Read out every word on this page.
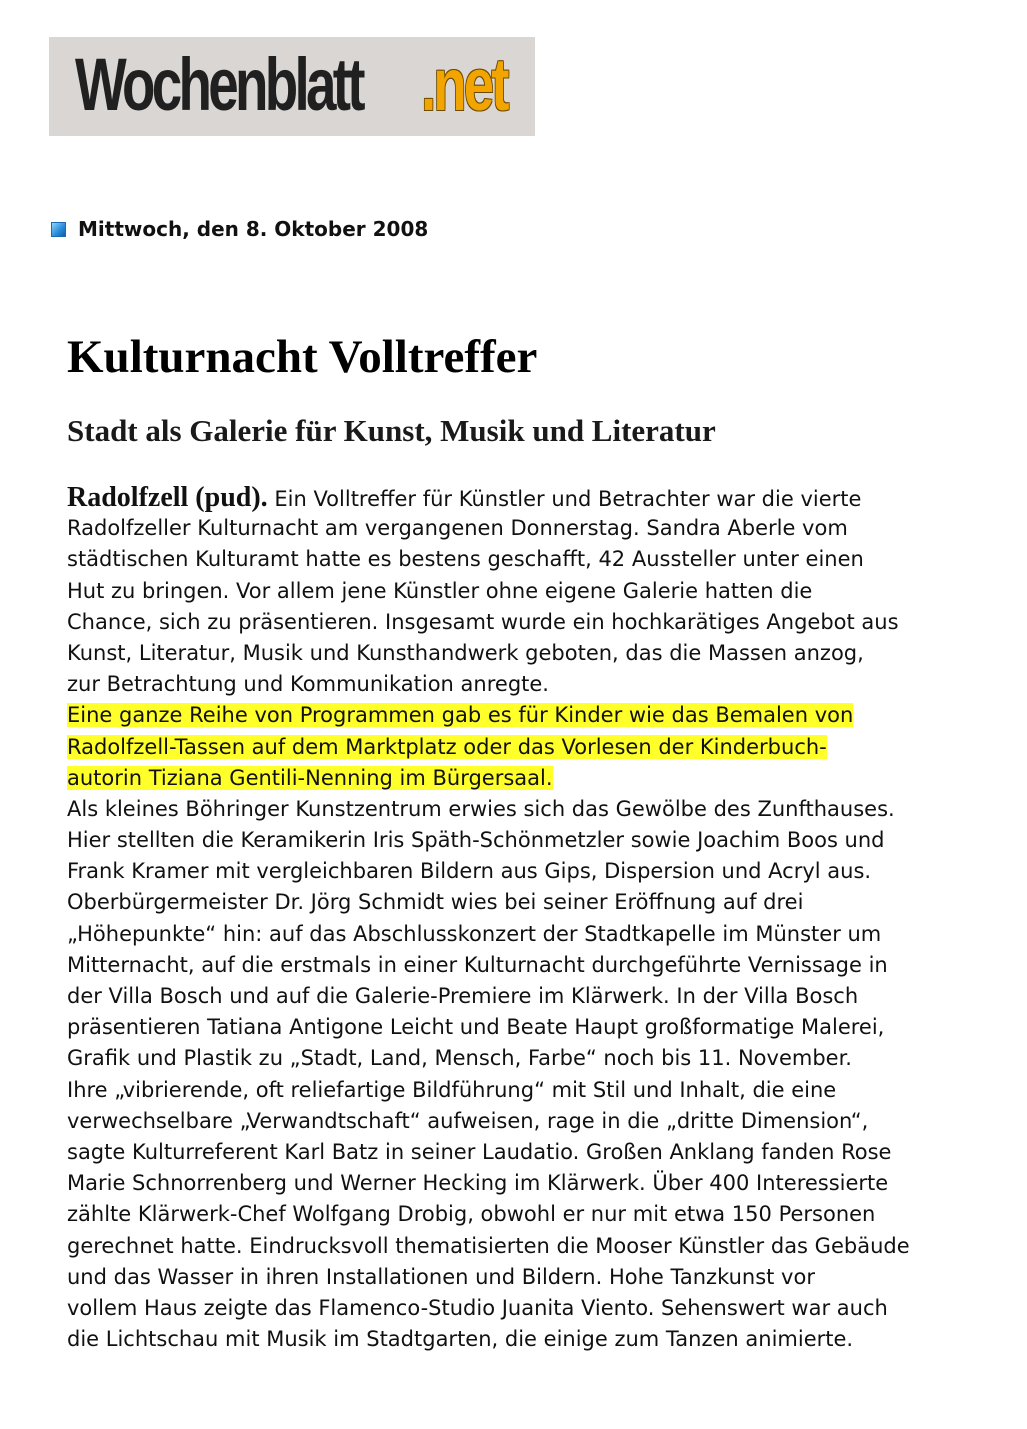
Wochenblatt .net
Mittwoch, den 8. Oktober 2008
Kulturnacht Volltreffer
Stadt als Galerie für Kunst, Musik und Literatur
Radolfzell (pud). Ein Volltreffer für Künstler und Betrachter war die vierte
Radolfzeller Kulturnacht am vergangenen Donnerstag. Sandra Aberle vom
städtischen Kulturamt hatte es bestens geschafft, 42 Aussteller unter einen
Hut zu bringen. Vor allem jene Künstler ohne eigene Galerie hatten die
Chance, sich zu präsentieren. Insgesamt wurde ein hochkarätiges Angebot aus
Kunst, Literatur, Musik und Kunsthandwerk geboten, das die Massen anzog,
zur Betrachtung und Kommunikation anregte.
Eine ganze Reihe von Programmen gab es für Kinder wie das Bemalen von
Radolfzell-Tassen auf dem Marktplatz oder das Vorlesen der Kinderbuch-
autorin Tiziana Gentili-Nenning im Bürgersaal.
Als kleines Böhringer Kunstzentrum erwies sich das Gewölbe des Zunfthauses.
Hier stellten die Keramikerin Iris Späth-Schönmetzler sowie Joachim Boos und
Frank Kramer mit vergleichbaren Bildern aus Gips, Dispersion und Acryl aus.
Oberbürgermeister Dr. Jörg Schmidt wies bei seiner Eröffnung auf drei
„Höhepunkte“ hin: auf das Abschlusskonzert der Stadtkapelle im Münster um
Mitternacht, auf die erstmals in einer Kulturnacht durchgeführte Vernissage in
der Villa Bosch und auf die Galerie-Premiere im Klärwerk. In der Villa Bosch
präsentieren Tatiana Antigone Leicht und Beate Haupt großformatige Malerei,
Grafik und Plastik zu „Stadt, Land, Mensch, Farbe“ noch bis 11. November.
Ihre „vibrierende, oft reliefartige Bildführung“ mit Stil und Inhalt, die eine
verwechselbare „Verwandtschaft“ aufweisen, rage in die „dritte Dimension“,
sagte Kulturreferent Karl Batz in seiner Laudatio. Großen Anklang fanden Rose
Marie Schnorrenberg und Werner Hecking im Klärwerk. Über 400 Interessierte
zählte Klärwerk-Chef Wolfgang Drobig, obwohl er nur mit etwa 150 Personen
gerechnet hatte. Eindrucksvoll thematisierten die Mooser Künstler das Gebäude
und das Wasser in ihren Installationen und Bildern. Hohe Tanzkunst vor
vollem Haus zeigte das Flamenco-Studio Juanita Viento. Sehenswert war auch
die Lichtschau mit Musik im Stadtgarten, die einige zum Tanzen animierte.
